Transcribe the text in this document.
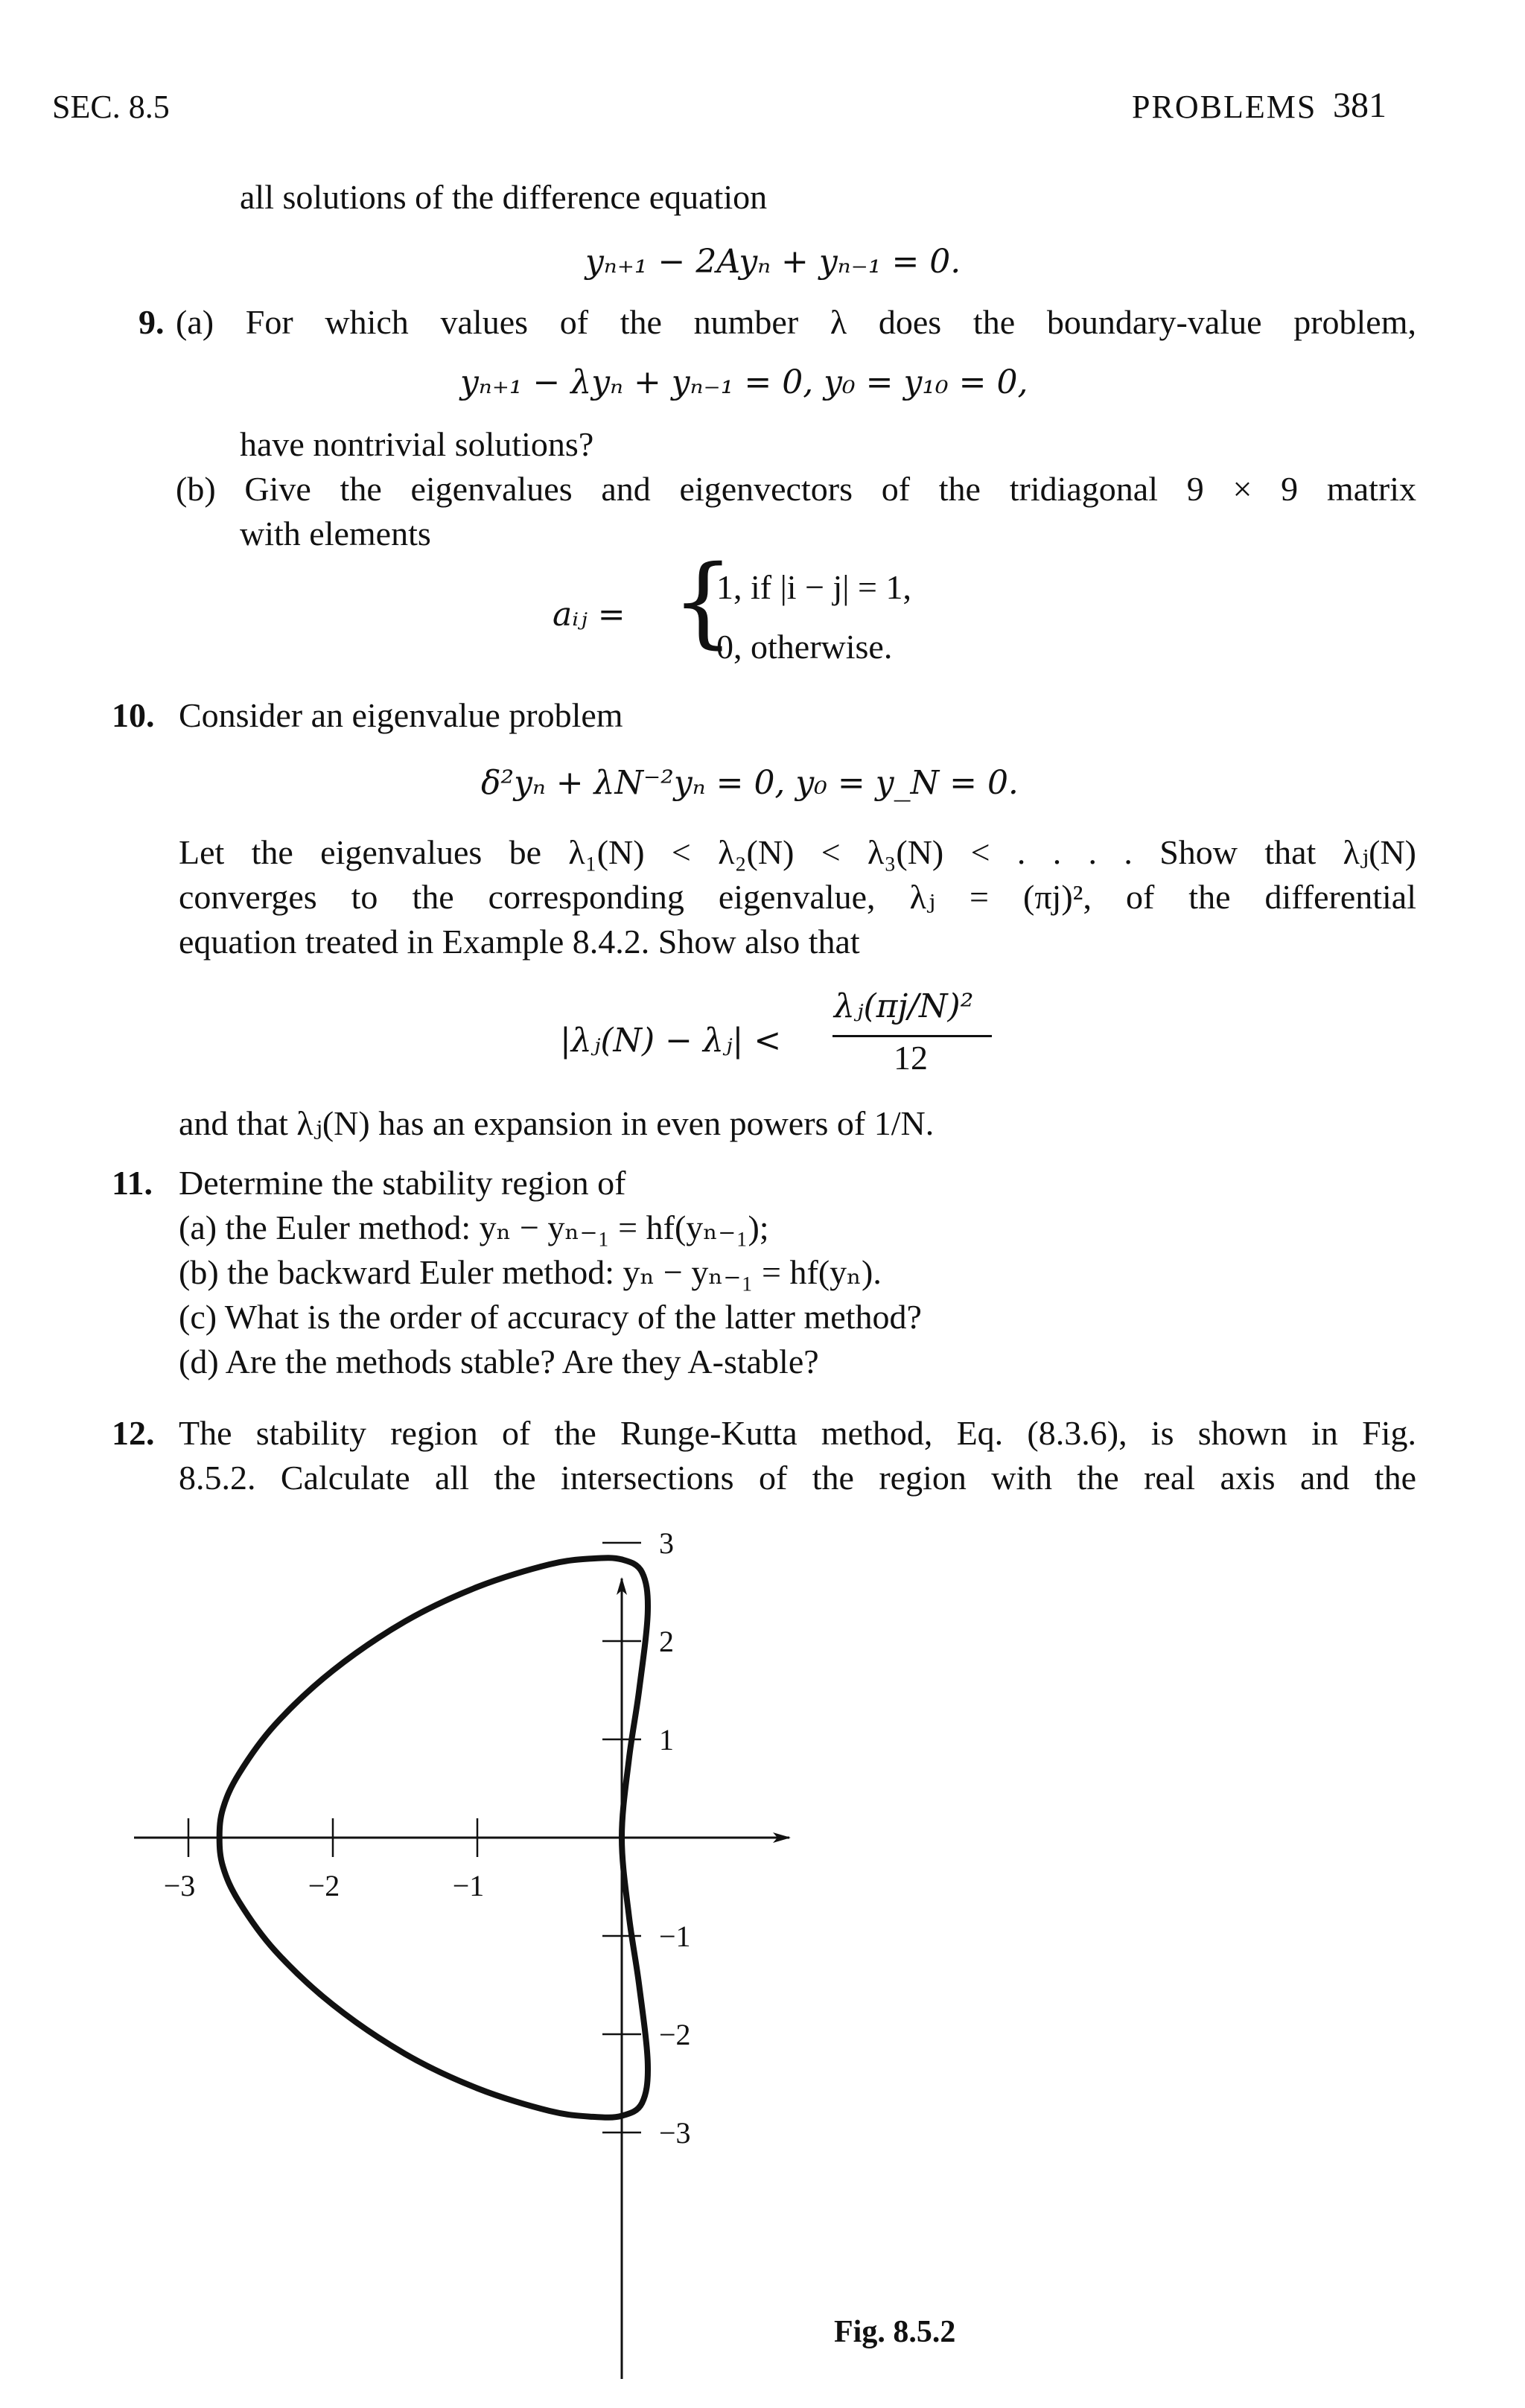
SEC. 8.5	PROBLEMS 381
all solutions of the difference equation
yₙ₊₁ − 2Ayₙ + yₙ₋₁ = 0.
9. (a) For which values of the number λ does the boundary-value problem,
yₙ₊₁ − λyₙ + yₙ₋₁ = 0, y₀ = y₁₀ = 0,
have nontrivial solutions?
(b) Give the eigenvalues and eigenvectors of the tridiagonal 9 × 9 matrix
with elements
aᵢⱼ = {
1, if |i − j| = 1,
0, otherwise.
10. Consider an eigenvalue problem
δ²yₙ + λN⁻²yₙ = 0, y₀ = y_N = 0.
Let the eigenvalues be λ₁(N) < λ₂(N) < λ₃(N) < . . . . Show that λⱼ(N)
converges to the corresponding eigenvalue, λⱼ = (πj)², of the differential
equation treated in Example 8.4.2. Show also that
|λⱼ(N) − λⱼ| <
λⱼ(πj/N)²
12
and that λⱼ(N) has an expansion in even powers of 1/N.
11. Determine the stability region of
(a) the Euler method: yₙ − yₙ₋₁ = hf(yₙ₋₁);
(b) the backward Euler method: yₙ − yₙ₋₁ = hf(yₙ).
(c) What is the order of accuracy of the latter method?
(d) Are the methods stable? Are they A-stable?
12. The stability region of the Runge-Kutta method, Eq. (8.3.6), is shown in Fig.
8.5.2. Calculate all the intersections of the region with the real axis and the
−3	−2	−1
3
2
1
−1
−2
−3
Fig. 8.5.2
